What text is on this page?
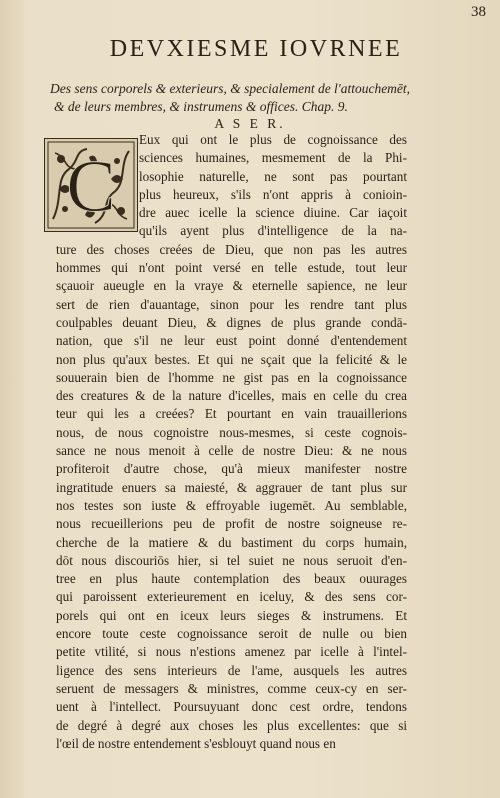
38
DEVXIESME IOVRNEE
Des sens corporels & exterieurs, & specialement de l'attouchemēt,
& de leurs membres, & instrumens & offices. Chap. 9.
A S E R.
C
Eux qui ont le plus de cognoissance des
sciences humaines, mesmement de la Phi-
losophie naturelle, ne sont pas pourtant
plus heureux, s'ils n'ont appris à conioin-
dre auec icelle la science diuine. Car iaçoit
qu'ils ayent plus d'intelligence de la na-
ture des choses creées de Dieu, que non pas les autres
hommes qui n'ont point versé en telle estude, tout leur
sçauoir aueugle en la vraye & eternelle sapience, ne leur
sert de rien d'auantage, sinon pour les rendre tant plus
coulpables deuant Dieu, & dignes de plus grande condā-
nation, que s'il ne leur eust point donné d'entendement
non plus qu'aux bestes. Et qui ne sçait que la felicité & le
souuerain bien de l'homme ne gist pas en la cognoissance
des creatures & de la nature d'icelles, mais en celle du crea
teur qui les a creées? Et pourtant en vain trauaillerions
nous, de nous cognoistre nous-mesmes, si ceste cognois-
sance ne nous menoit à celle de nostre Dieu: & ne nous
profiteroit d'autre chose, qu'à mieux manifester nostre
ingratitude enuers sa maiesté, & aggrauer de tant plus sur
nos testes son iuste & effroyable iugemēt. Au semblable,
nous recueillerions peu de profit de nostre soigneuse re-
cherche de la matiere & du bastiment du corps humain,
dōt nous discouriōs hier, si tel suiet ne nous seruoit d'en-
tree en plus haute contemplation des beaux ouurages
qui paroissent exterieurement en iceluy, & des sens cor-
porels qui ont en iceux leurs sieges & instrumens. Et
encore toute ceste cognoissance seroit de nulle ou bien
petite vtilité, si nous n'estions amenez par icelle à l'intel-
ligence des sens interieurs de l'ame, ausquels les autres
seruent de messagers & ministres, comme ceux-cy en ser-
uent à l'intellect. Poursuyuant donc cest ordre, tendons
de degré à degré aux choses les plus excellentes: que si
l'œil de nostre entendement s'esblouyt quand nous en
